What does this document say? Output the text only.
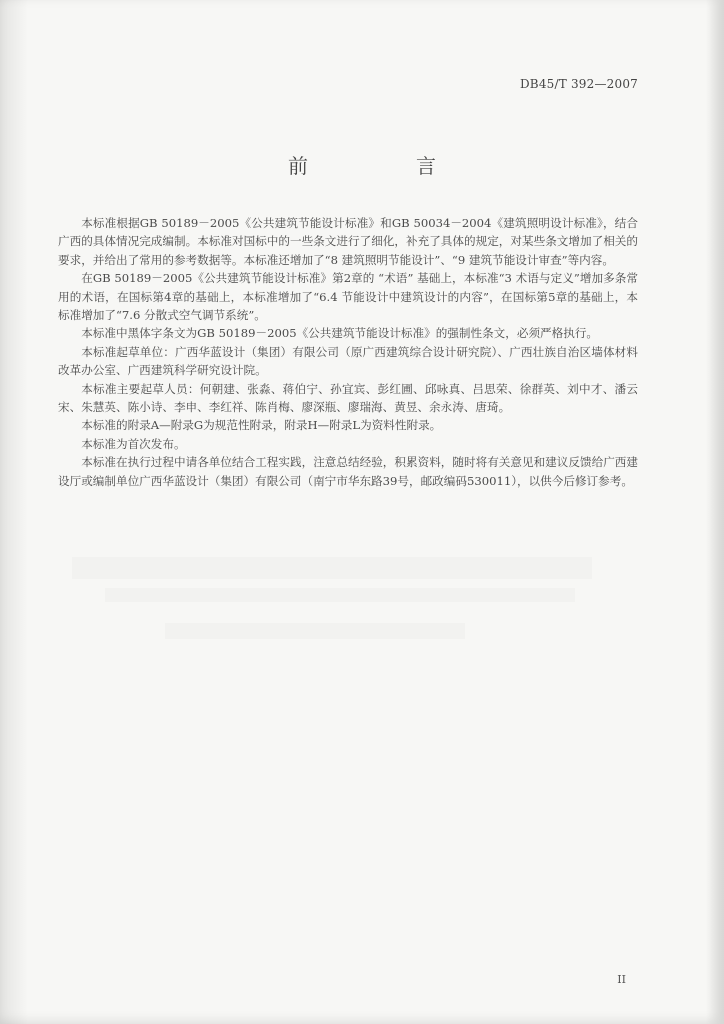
DB45/T 392—2007
前　言

本标准根据GB 50189－2005《公共建筑节能设计标准》和GB 50034－2004《建筑照明设计标准》，结合广西的具体情况完成编制。本标准对国标中的一些条文进行了细化，补充了具体的规定，对某些条文增加了相关的要求，并给出了常用的参考数据等。本标准还增加了“8 建筑照明节能设计”、“9 建筑节能设计审查”等内容。

在GB 50189－2005《公共建筑节能设计标准》第2章的 “术语” 基础上，本标准“3 术语与定义”增加多条常用的术语，在国标第4章的基础上，本标准增加了“6.4 节能设计中建筑设计的内容”，在国标第5章的基础上，本标准增加了“7.6 分散式空气调节系统”。

本标准中黑体字条文为GB 50189－2005《公共建筑节能设计标准》的强制性条文，必须严格执行。

本标准起草单位：广西华蓝设计（集团）有限公司（原广西建筑综合设计研究院）、广西壮族自治区墙体材料改革办公室、广西建筑科学研究设计院。

本标准主要起草人员：何朝建、张淼、蒋伯宁、孙宜宾、彭红圃、邱咏真、吕思荣、徐群英、刘中才、潘云宋、朱慧英、陈小诗、李申、李红祥、陈肖梅、廖深瓶、廖瑞海、黄昱、余永涛、唐琦。

本标准的附录A—附录G为规范性附录，附录H—附录L为资料性附录。

本标准为首次发布。

本标准在执行过程中请各单位结合工程实践，注意总结经验，积累资料，随时将有关意见和建议反馈给广西建设厅或编制单位广西华蓝设计（集团）有限公司（南宁市华东路39号，邮政编码530011），以供今后修订参考。

II
